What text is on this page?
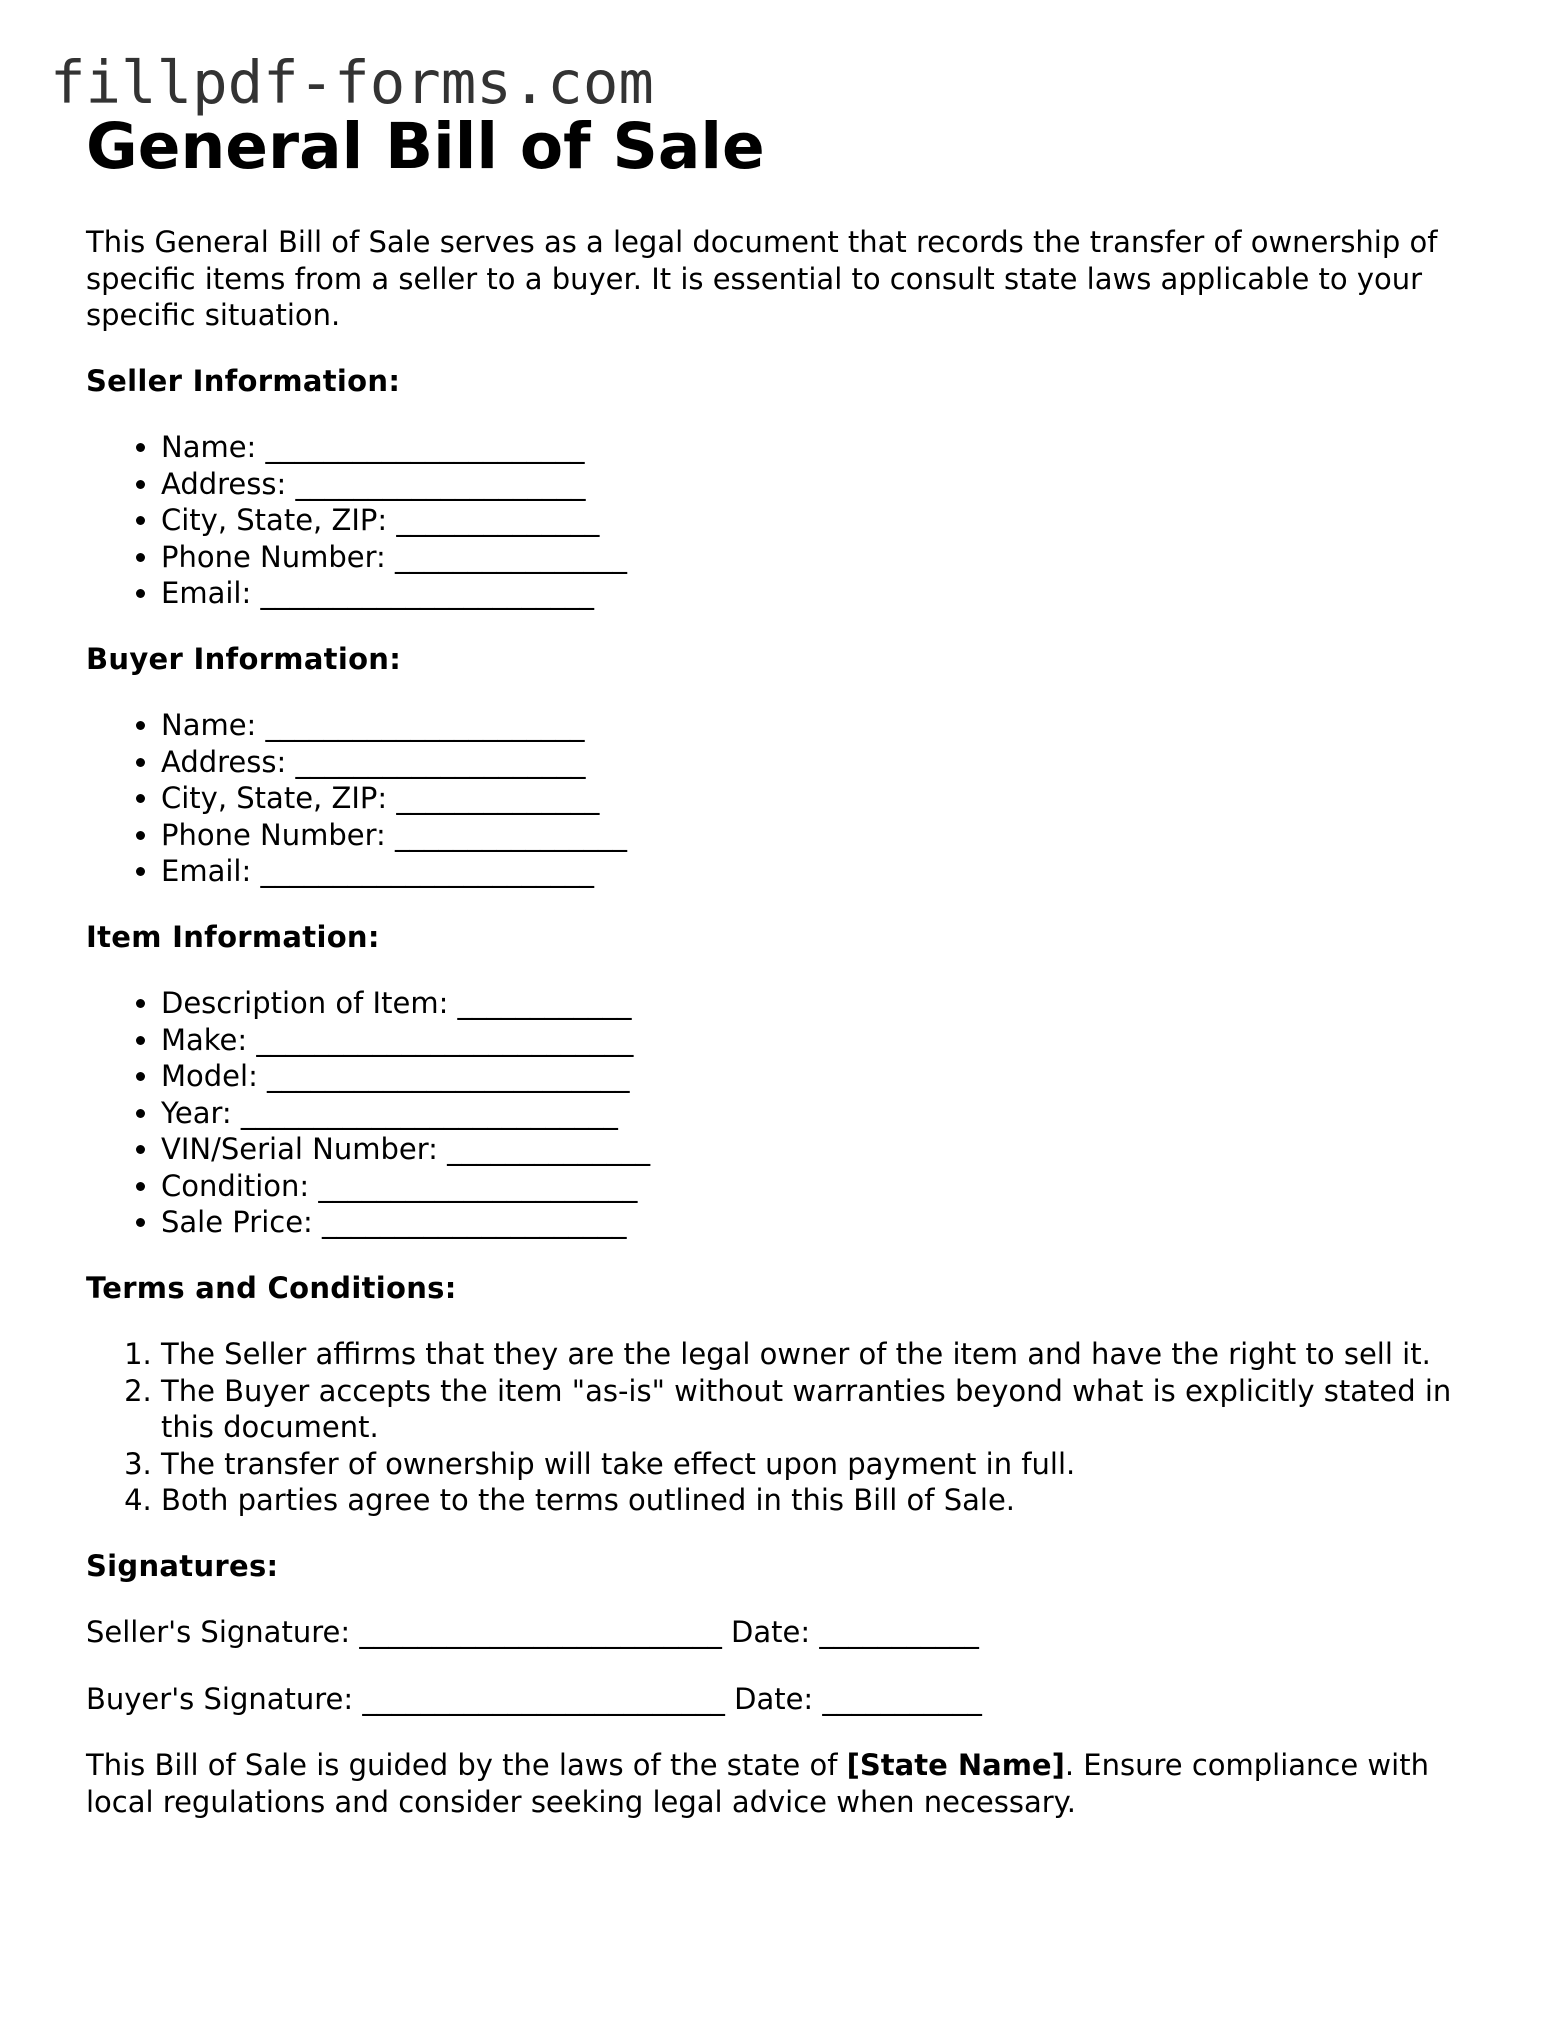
fillpdf-forms.com
General Bill of Sale

This General Bill of Sale serves as a legal document that records the transfer of ownership of specific items from a seller to a buyer. It is essential to consult state laws applicable to your specific situation.

Seller Information:
• Name: ______________________
• Address: ____________________
• City, State, ZIP: ______________
• Phone Number: ________________
• Email: _______________________
Buyer Information:
• Name: ______________________
• Address: ____________________
• City, State, ZIP: ______________
• Phone Number: ________________
• Email: _______________________
Item Information:
• Description of Item: ____________
• Make: __________________________
• Model: _________________________
• Year: __________________________
• VIN/Serial Number: ______________
• Condition: ______________________
• Sale Price: _____________________
Terms and Conditions:
1. The Seller affirms that they are the legal owner of the item and have the right to sell it.
2. The Buyer accepts the item "as-is" without warranties beyond what is explicitly stated in this document.
3. The transfer of ownership will take effect upon payment in full.
4. Both parties agree to the terms outlined in this Bill of Sale.
Signatures:

Seller's Signature: _________________________ Date: ___________

Buyer's Signature: _________________________ Date: ___________

This Bill of Sale is guided by the laws of the state of [State Name]. Ensure compliance with local regulations and consider seeking legal advice when necessary.
